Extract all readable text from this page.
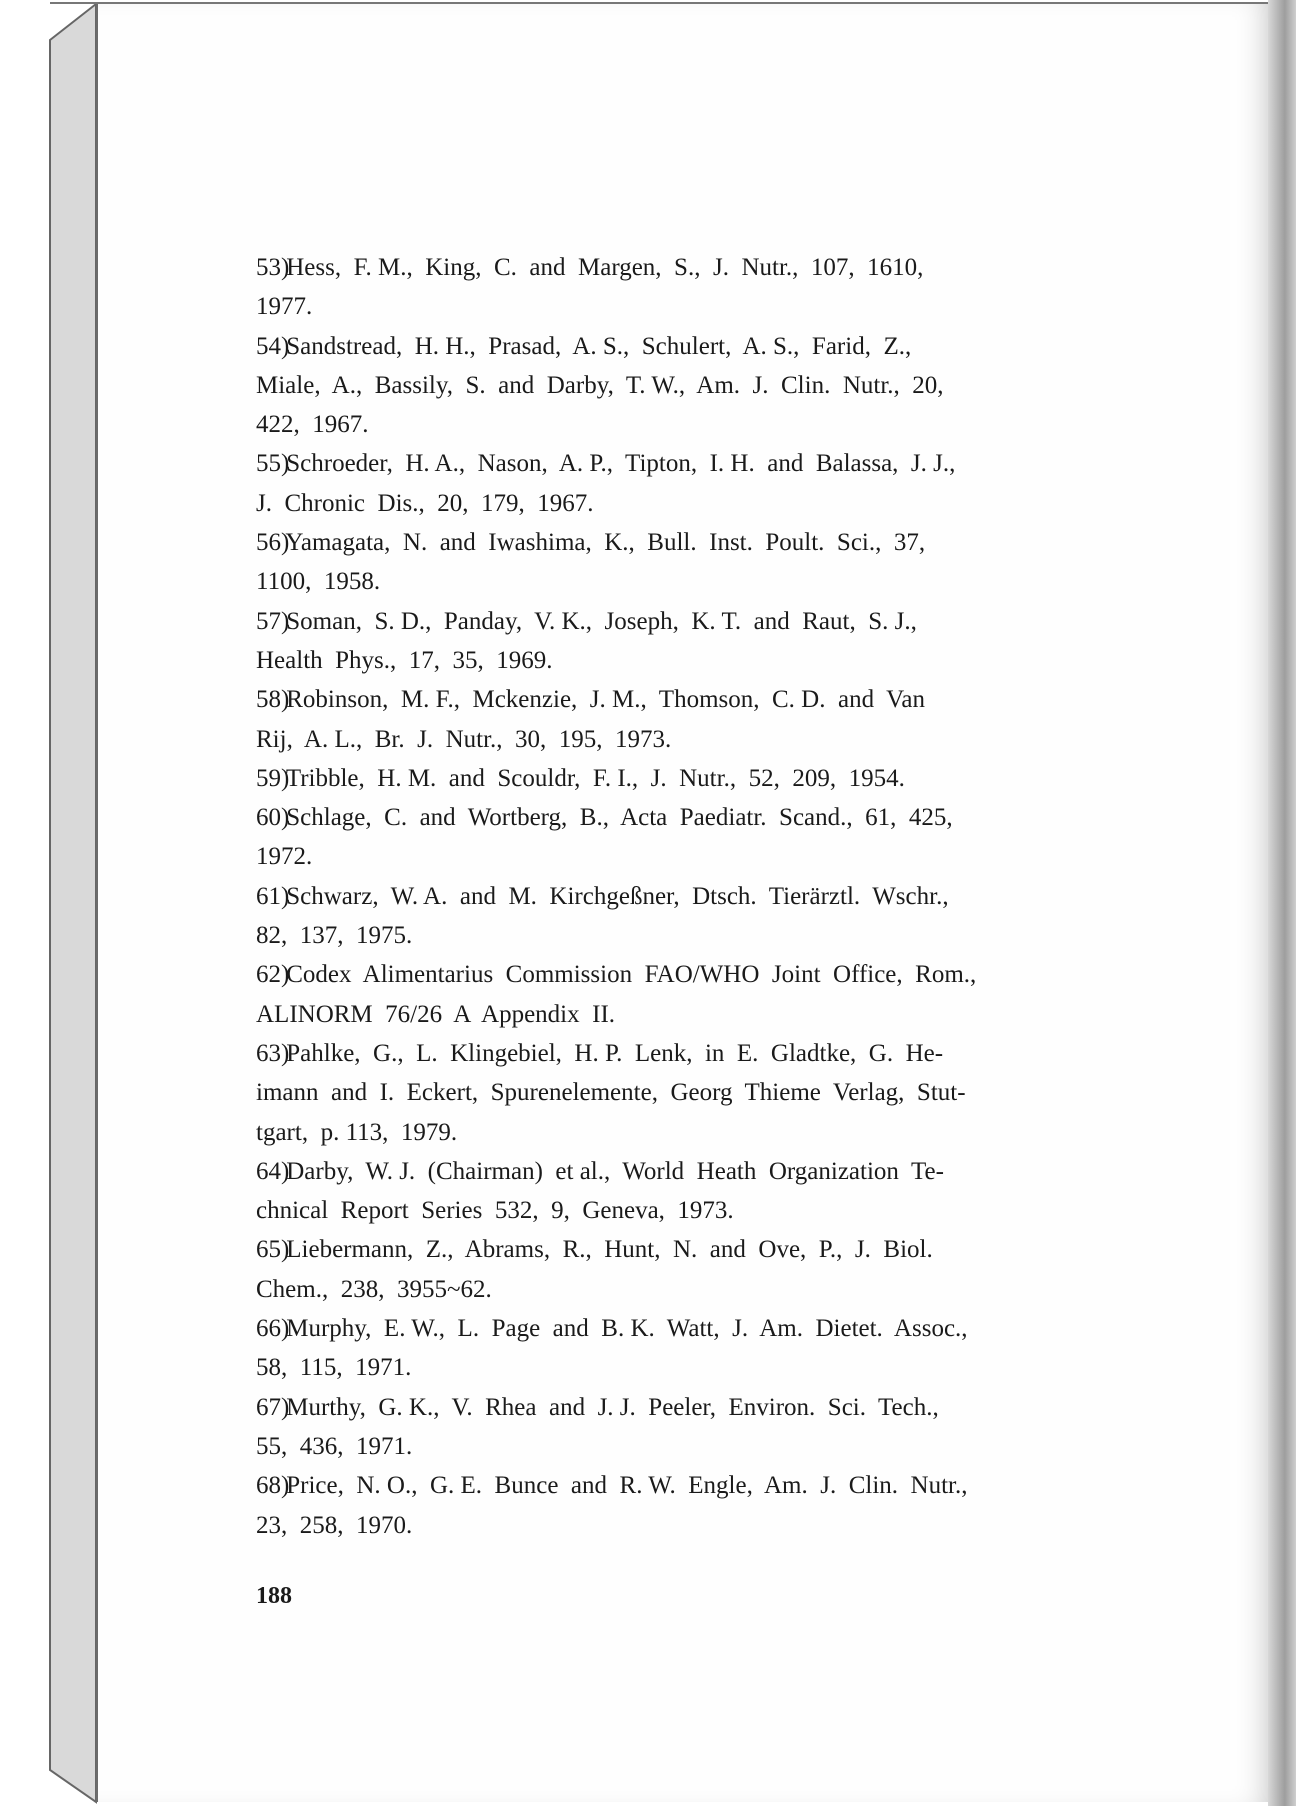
53) Hess,  F. M.,  King,  C.  and  Margen,  S.,  J.  Nutr.,  107,  1610,
1977.
54) Sandstread,  H. H.,  Prasad,  A. S.,  Schulert,  A. S.,  Farid,  Z.,
Miale,  A.,  Bassily,  S.  and  Darby,  T. W.,  Am.  J.  Clin.  Nutr.,  20,
422,  1967.
55) Schroeder,  H. A.,  Nason,  A. P.,  Tipton,  I. H.  and  Balassa,  J. J.,
J.  Chronic  Dis.,  20,  179,  1967.
56) Yamagata,  N.  and  Iwashima,  K.,  Bull.  Inst.  Poult.  Sci.,  37,
1100,  1958.
57) Soman,  S. D.,  Panday,  V. K.,  Joseph,  K. T.  and  Raut,  S. J.,
Health  Phys.,  17,  35,  1969.
58) Robinson,  M. F.,  Mckenzie,  J. M.,  Thomson,  C. D.  and  Van
Rij,  A. L.,  Br.  J.  Nutr.,  30,  195,  1973.
59) Tribble,  H. M.  and  Scouldr,  F. I.,  J.  Nutr.,  52,  209,  1954.
60) Schlage,  C.  and  Wortberg,  B.,  Acta  Paediatr.  Scand.,  61,  425,
1972.
61) Schwarz,  W. A.  and  M.  Kirchgeßner,  Dtsch.  Tierärztl.  Wschr.,
82,  137,  1975.
62) Codex  Alimentarius  Commission  FAO/WHO  Joint  Office,  Rom.,
ALINORM  76/26  A  Appendix  II.
63) Pahlke,  G.,  L.  Klingebiel,  H. P.  Lenk,  in  E.  Gladtke,  G.  He-
imann  and  I.  Eckert,  Spurenelemente,  Georg  Thieme  Verlag,  Stut-
tgart,  p. 113,  1979.
64) Darby,  W. J.  (Chairman)  et al.,  World  Heath  Organization  Te-
chnical  Report  Series  532,  9,  Geneva,  1973.
65) Liebermann,  Z.,  Abrams,  R.,  Hunt,  N.  and  Ove,  P.,  J.  Biol.
Chem.,  238,  3955~62.
66) Murphy,  E. W.,  L.  Page  and  B. K.  Watt,  J.  Am.  Dietet.  Assoc.,
58,  115,  1971.
67) Murthy,  G. K.,  V.  Rhea  and  J. J.  Peeler,  Environ.  Sci.  Tech.,
55,  436,  1971.
68) Price,  N. O.,  G. E.  Bunce  and  R. W.  Engle,  Am.  J.  Clin.  Nutr.,
23,  258,  1970.
188
